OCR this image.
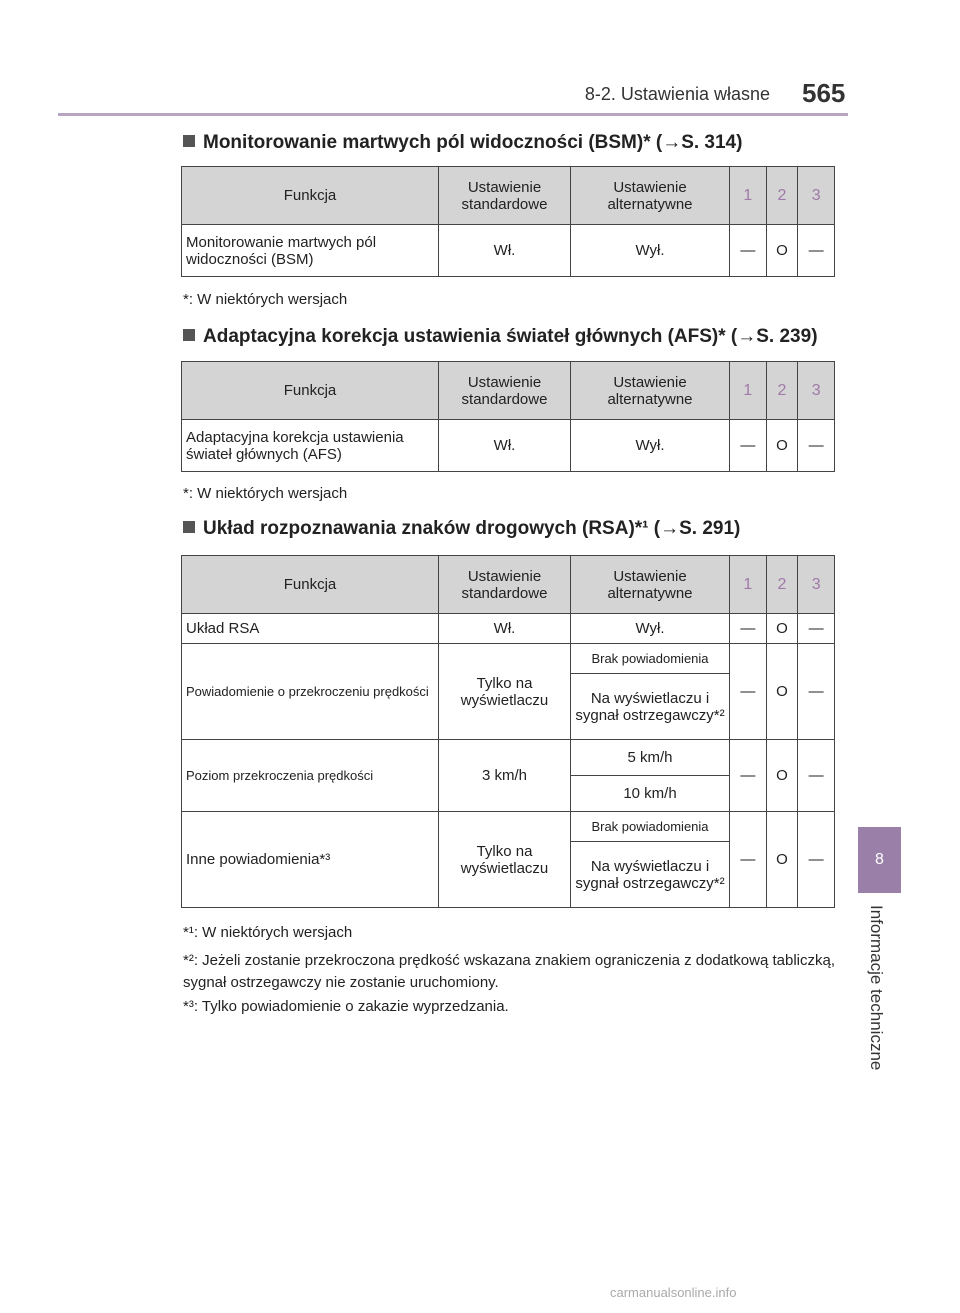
8-2. Ustawienia własne 565
8
Informacje techniczne
Monitorowanie martwych pól widoczności (BSM)* (→S. 314)
Funkcja	Ustawienie standardowe	Ustawienie alternatywne	1	2	3
Monitorowanie martwych pól widoczności (BSM)	Wł.	Wył.	—	O	—
*: W niektórych wersjach
Adaptacyjna korekcja ustawienia świateł głównych (AFS)* (→S. 239)
Funkcja	Ustawienie standardowe	Ustawienie alternatywne	1	2	3
Adaptacyjna korekcja ustawienia świateł głównych (AFS)	Wł.	Wył.	—	O	—
*: W niektórych wersjach
Układ rozpoznawania znaków drogowych (RSA)*¹ (→S. 291)
Funkcja	Ustawienie standardowe	Ustawienie alternatywne	1	2	3
Układ RSA	Wł.	Wył.	—	O	—
Powiadomienie o przekroczeniu prędkości	Tylko na wyświetlaczu	Brak powiadomienia	—	O	—
		Na wyświetlaczu i sygnał ostrzegawczy*²			
Poziom przekroczenia prędkości	3 km/h	5 km/h	—	O	—
		10 km/h			
Inne powiadomienia*³	Tylko na wyświetlaczu	Brak powiadomienia	—	O	—
		Na wyświetlaczu i sygnał ostrzegawczy*²			
*¹: W niektórych wersjach
*²: Jeżeli zostanie przekroczona prędkość wskazana znakiem ograniczenia z dodatkową tabliczką, sygnał ostrzegawczy nie zostanie uruchomiony.
*³: Tylko powiadomienie o zakazie wyprzedzania.
carmanualsonline.info
